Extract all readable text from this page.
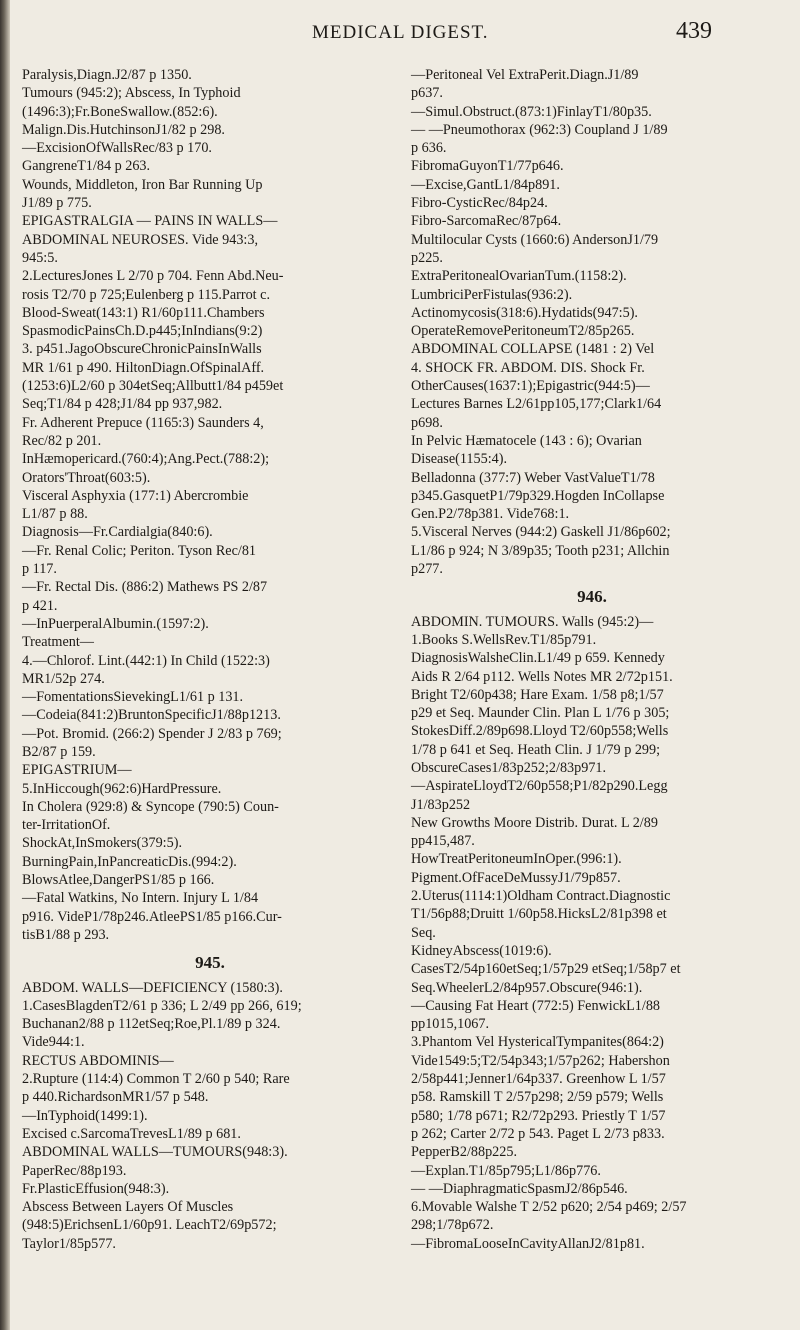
MEDICAL DIGEST.	439

Paralysis,Diagn.J2/87 p 1350.

Tumours (945:2); Abscess, In Typhoid

(1496:3);Fr.BoneSwallow.(852:6).

Malign.Dis.HutchinsonJ1/82 p 298.

—ExcisionOfWallsRec/83 p 170.

GangreneT1/84 p 263.

Wounds, Middleton, Iron Bar Running Up

J1/89 p 775.

EPIGASTRALGIA — PAINS IN WALLS—

ABDOMINAL NEUROSES. Vide 943:3,

945:5.

2.LecturesJones L 2/70 p 704. Fenn Abd.Neu-

rosis T2/70 p 725;Eulenberg p 115.Parrot c.

Blood-Sweat(143:1) R1/60p111.Chambers

SpasmodicPainsCh.D.p445;InIndians(9:2)

3. p451.JagoObscureChronicPainsInWalls

MR 1/61 p 490. HiltonDiagn.OfSpinalAff.

(1253:6)L2/60 p 304etSeq;Allbutt1/84 p459et

Seq;T1/84 p 428;J1/84 pp 937,982.

Fr. Adherent Prepuce (1165:3) Saunders 4,

Rec/82 p 201.

InHæmopericard.(760:4);Ang.Pect.(788:2);

Orators'Throat(603:5).

Visceral Asphyxia (177:1) Abercrombie

L1/87 p 88.

Diagnosis—Fr.Cardialgia(840:6).

—Fr. Renal Colic; Periton. Tyson Rec/81

p 117.

—Fr. Rectal Dis. (886:2) Mathews PS 2/87

p 421.

—InPuerperalAlbumin.(1597:2).

Treatment—

4.—Chlorof. Lint.(442:1) In Child (1522:3)

MR1/52p 274.

—FomentationsSievekingL1/61 p 131.

—Codeia(841:2)BruntonSpecificJ1/88p1213.

—Pot. Bromid. (266:2) Spender J 2/83 p 769;

B2/87 p 159.

EPIGASTRIUM—

5.InHiccough(962:6)HardPressure.

In Cholera (929:8) & Syncope (790:5) Coun-

ter-IrritationOf.

ShockAt,InSmokers(379:5).

BurningPain,InPancreaticDis.(994:2).

BlowsAtlee,DangerPS1/85 p 166.

—Fatal Watkins, No Intern. Injury L 1/84

p916. VideP1/78p246.AtleePS1/85 p166.Cur-

tisB1/88 p 293.

945.

ABDOM. WALLS—DEFICIENCY (1580:3).

1.CasesBlagdenT2/61 p 336; L 2/49 pp 266, 619;

Buchanan2/88 p 112etSeq;Roe,Pl.1/89 p 324.

Vide944:1.

RECTUS ABDOMINIS—

2.Rupture (114:4) Common T 2/60 p 540; Rare

p 440.RichardsonMR1/57 p 548.

—InTyphoid(1499:1).

Excised c.SarcomaTrevesL1/89 p 681.

ABDOMINAL WALLS—TUMOURS(948:3).

PaperRec/88p193.

Fr.PlasticEffusion(948:3).

Abscess Between Layers Of Muscles

(948:5)ErichsenL1/60p91. LeachT2/69p572;

Taylor1/85p577.

—Peritoneal Vel ExtraPerit.Diagn.J1/89

p637.

—Simul.Obstruct.(873:1)FinlayT1/80p35.

— —Pneumothorax (962:3) Coupland J 1/89

p 636.

FibromaGuyonT1/77p646.

—Excise,GantL1/84p891.

Fibro-CysticRec/84p24.

Fibro-SarcomaRec/87p64.

Multilocular Cysts (1660:6) AndersonJ1/79

p225.

ExtraPeritonealOvarianTum.(1158:2).

LumbriciPerFistulas(936:2).

Actinomycosis(318:6).Hydatids(947:5).

OperateRemovePeritoneumT2/85p265.

ABDOMINAL COLLAPSE (1481 : 2) Vel

4. SHOCK FR. ABDOM. DIS. Shock Fr.

OtherCauses(1637:1);Epigastric(944:5)—

Lectures Barnes L2/61pp105,177;Clark1/64

p698.

In Pelvic Hæmatocele (143 : 6); Ovarian

Disease(1155:4).

Belladonna (377:7) Weber VastValueT1/78

p345.GasquetP1/79p329.Hogden InCollapse

Gen.P2/78p381. Vide768:1.

5.Visceral Nerves (944:2) Gaskell J1/86p602;

L1/86 p 924; N 3/89p35; Tooth p231; Allchin

p277.

946.

ABDOMIN. TUMOURS. Walls (945:2)—

1.Books S.WellsRev.T1/85p791.

DiagnosisWalsheClin.L1/49 p 659. Kennedy

Aids R 2/64 p112. Wells Notes MR 2/72p151.

Bright T2/60p438; Hare Exam. 1/58 p8;1/57

p29 et Seq. Maunder Clin. Plan L 1/76 p 305;

StokesDiff.2/89p698.Lloyd T2/60p558;Wells

1/78 p 641 et Seq. Heath Clin. J 1/79 p 299;

ObscureCases1/83p252;2/83p971.

—AspirateLloydT2/60p558;P1/82p290.Legg

J1/83p252

New Growths Moore Distrib. Durat. L 2/89

pp415,487.

HowTreatPeritoneumInOper.(996:1).

Pigment.OfFaceDeMussyJ1/79p857.

2.Uterus(1114:1)Oldham Contract.Diagnostic

T1/56p88;Druitt 1/60p58.HicksL2/81p398 et

Seq.

KidneyAbscess(1019:6).

CasesT2/54p160etSeq;1/57p29 etSeq;1/58p7 et

Seq.WheelerL2/84p957.Obscure(946:1).

—Causing Fat Heart (772:5) FenwickL1/88

pp1015,1067.

3.Phantom Vel HystericalTympanites(864:2)

Vide1549:5;T2/54p343;1/57p262; Habershon

2/58p441;Jenner1/64p337. Greenhow L 1/57

p58. Ramskill T 2/57p298; 2/59 p579; Wells

p580; 1/78 p671; R2/72p293. Priestly T 1/57

p 262; Carter 2/72 p 543. Paget L 2/73 p833.

PepperB2/88p225.

—Explan.T1/85p795;L1/86p776.

— —DiaphragmaticSpasmJ2/86p546.

6.Movable Walshe T 2/52 p620; 2/54 p469; 2/57

298;1/78p672.

—FibromaLooseInCavityAllanJ2/81p81.
